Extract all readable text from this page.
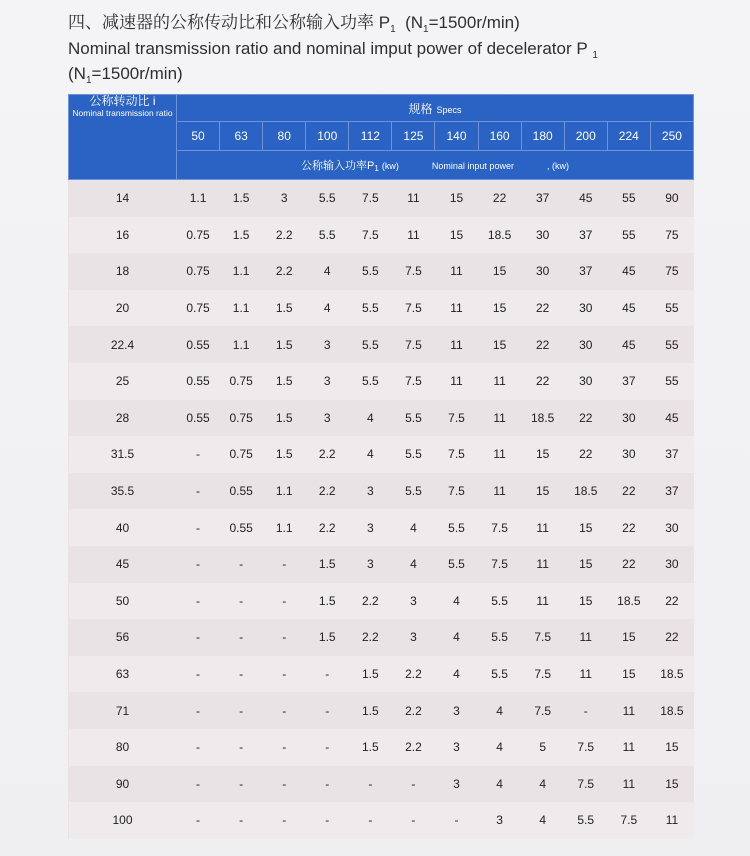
四、减速器的公称传动比和公称输入功率 $P_1$ $(N_1=1500r/\min)$
Nominal transmission ratio and nominal imput power of decelerator P $_1$
$(N_1=1500r/\min)$
公称转动比 i
Nominal transmission ratio	规格 Specs											
	50	63	80	100	112	125	140	160	180	200	224	250
	公称输入功率P1 (kw) Nominal input power , (kw)											
14	1.1	1.5	3	5.5	7.5	11	15	22	37	45	55	90
16	0.75	1.5	2.2	5.5	7.5	11	15	18.5	30	37	55	75
18	0.75	1.1	2.2	4	5.5	7.5	11	15	30	37	45	75
20	0.75	1.1	1.5	4	5.5	7.5	11	15	22	30	45	55
22.4	0.55	1.1	1.5	3	5.5	7.5	11	15	22	30	45	55
25	0.55	0.75	1.5	3	5.5	7.5	11	11	22	30	37	55
28	0.55	0.75	1.5	3	4	5.5	7.5	11	18.5	22	30	45
31.5	-	0.75	1.5	2.2	4	5.5	7.5	11	15	22	30	37
35.5	-	0.55	1.1	2.2	3	5.5	7.5	11	15	18.5	22	37
40	-	0.55	1.1	2.2	3	4	5.5	7.5	11	15	22	30
45	-	-	-	1.5	3	4	5.5	7.5	11	15	22	30
50	-	-	-	1.5	2.2	3	4	5.5	11	15	18.5	22
56	-	-	-	1.5	2.2	3	4	5.5	7.5	11	15	22
63	-	-	-	-	1.5	2.2	4	5.5	7.5	11	15	18.5
71	-	-	-	-	1.5	2.2	3	4	7.5	-	11	18.5
80	-	-	-	-	1.5	2.2	3	4	5	7.5	11	15
90	-	-	-	-	-	-	3	4	4	7.5	11	15
100	-	-	-	-	-	-	-	3	4	5.5	7.5	11
